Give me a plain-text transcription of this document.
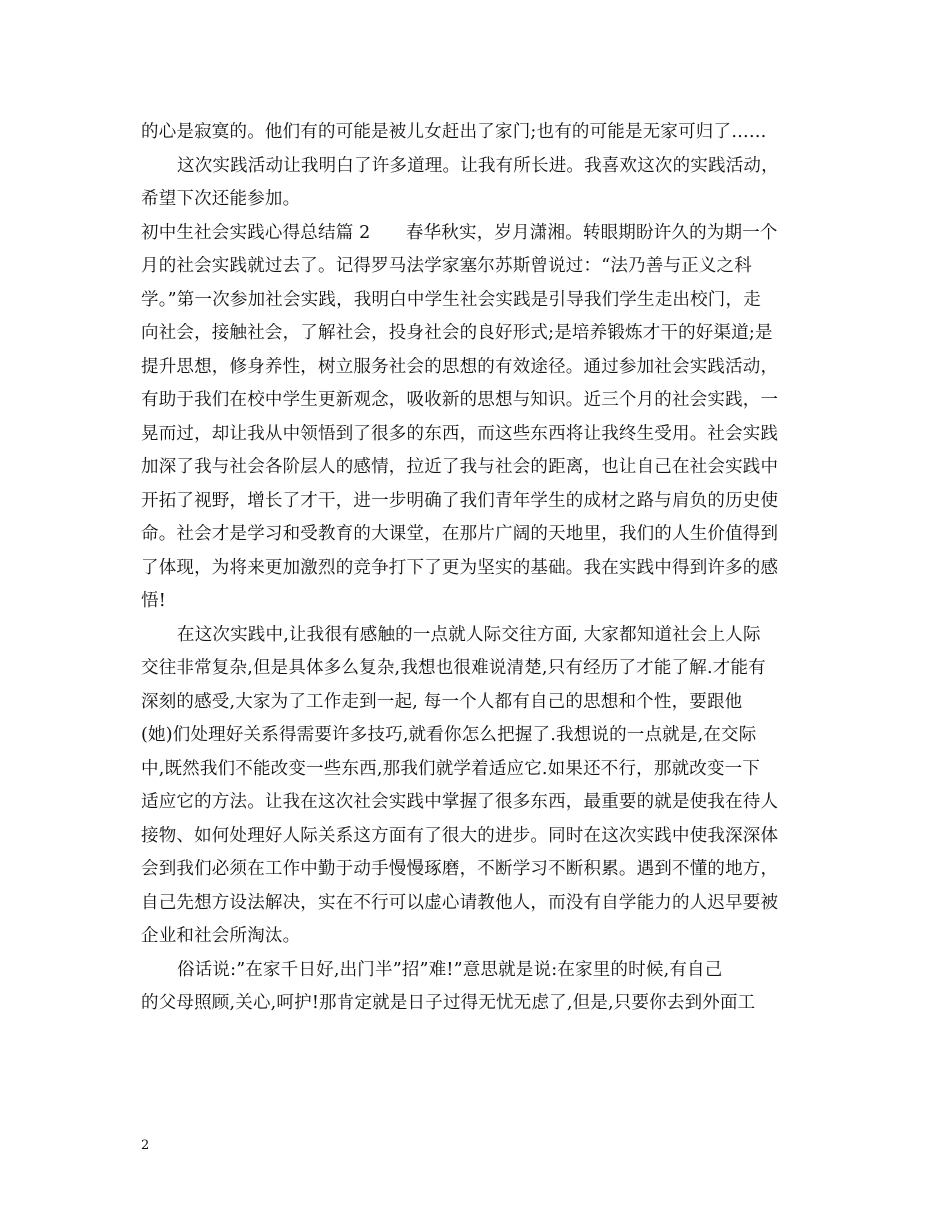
的心是寂寞的。他们有的可能是被儿女赶出了家门;也有的可能是无家可归了……
这次实践活动让我明白了许多道理。让我有所长进。我喜欢这次的实践活动，
希望下次还能参加。
初中生社会实践心得总结篇 2　　春华秋实，岁月潇湘。转眼期盼许久的为期一个
月的社会实践就过去了。记得罗马法学家塞尔苏斯曾说过：“法乃善与正义之科
学。”第一次参加社会实践，我明白中学生社会实践是引导我们学生走出校门，走
向社会，接触社会，了解社会，投身社会的良好形式;是培养锻炼才干的好渠道;是
提升思想，修身养性，树立服务社会的思想的有效途径。通过参加社会实践活动，
有助于我们在校中学生更新观念，吸收新的思想与知识。近三个月的社会实践，一
晃而过，却让我从中领悟到了很多的东西，而这些东西将让我终生受用。社会实践
加深了我与社会各阶层人的感情，拉近了我与社会的距离，也让自己在社会实践中
开拓了视野，增长了才干，进一步明确了我们青年学生的成材之路与肩负的历史使
命。社会才是学习和受教育的大课堂，在那片广阔的天地里，我们的人生价值得到
了体现，为将来更加激烈的竞争打下了更为坚实的基础。我在实践中得到许多的感
悟!
在这次实践中,让我很有感触的一点就人际交往方面, 大家都知道社会上人际
交往非常复杂,但是具体多么复杂,我想也很难说清楚,只有经历了才能了解.才能有
深刻的感受,大家为了工作走到一起, 每一个人都有自己的思想和个性，要跟他
(她)们处理好关系得需要许多技巧,就看你怎么把握了.我想说的一点就是,在交际
中,既然我们不能改变一些东西,那我们就学着适应它.如果还不行，那就改变一下
适应它的方法。让我在这次社会实践中掌握了很多东西，最重要的就是使我在待人
接物、如何处理好人际关系这方面有了很大的进步。同时在这次实践中使我深深体
会到我们必须在工作中勤于动手慢慢琢磨，不断学习不断积累。遇到不懂的地方，
自己先想方设法解决，实在不行可以虚心请教他人，而没有自学能力的人迟早要被
企业和社会所淘汰。
俗话说:”在家千日好,出门半”招”难!”意思就是说:在家里的时候,有自己
的父母照顾,关心,呵护!那肯定就是日子过得无忧无虑了,但是,只要你去到外面工
2
